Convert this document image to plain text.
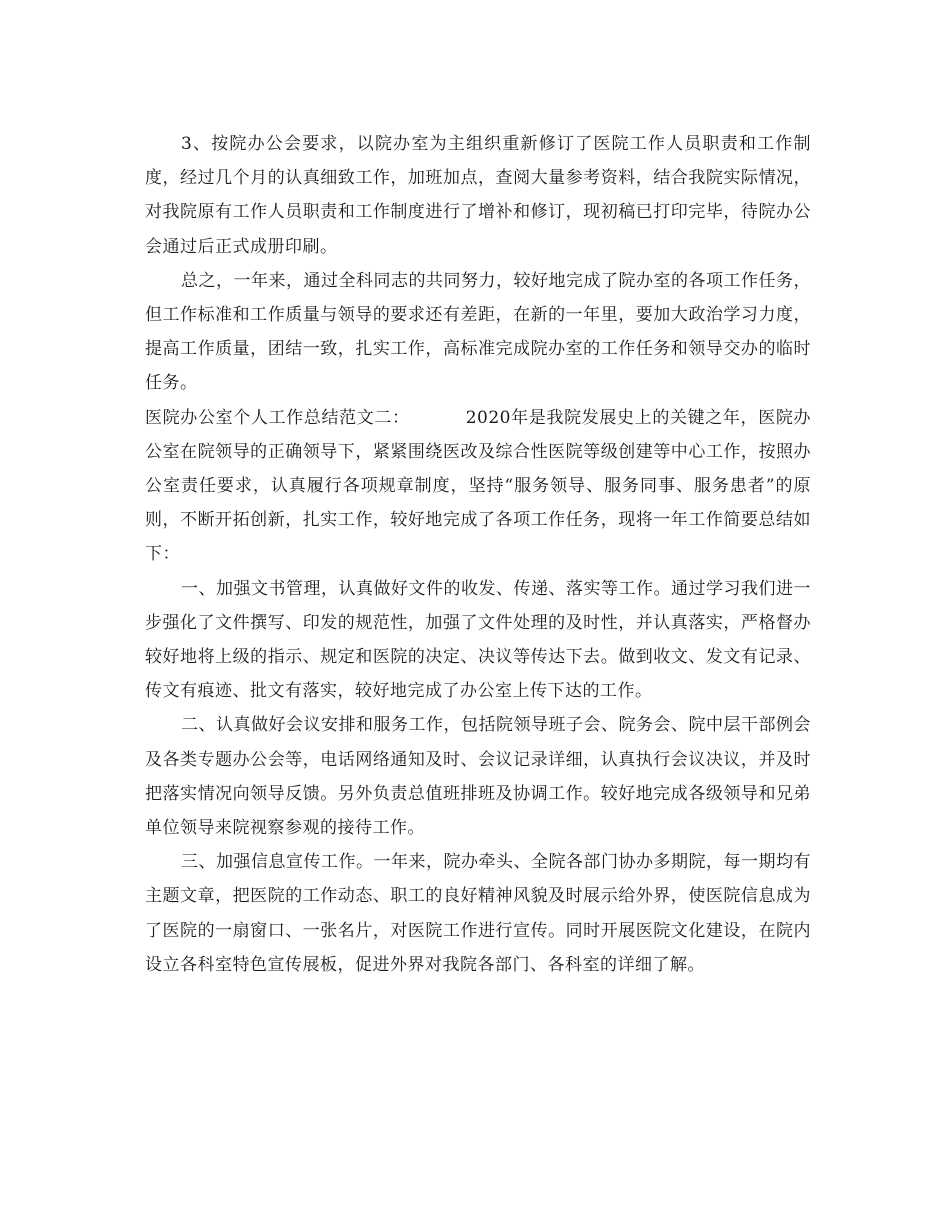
3、按院办公会要求，以院办室为主组织重新修订了医院工作人员职责和工作制度，经过几个月的认真细致工作，加班加点，查阅大量参考资料，结合我院实际情况，对我院原有工作人员职责和工作制度进行了增补和修订，现初稿已打印完毕，待院办公会通过后正式成册印刷。

总之，一年来，通过全科同志的共同努力，较好地完成了院办室的各项工作任务，但工作标准和工作质量与领导的要求还有差距，在新的一年里，要加大政治学习力度，提高工作质量，团结一致，扎实工作，高标准完成院办室的工作任务和领导交办的临时任务。

医院办公室个人工作总结范文二：	2020年是我院发展史上的关键之年，医院办公室在院领导的正确领导下，紧紧围绕医改及综合性医院等级创建等中心工作，按照办公室责任要求，认真履行各项规章制度，坚持“服务领导、服务同事、服务患者”的原则，不断开拓创新，扎实工作，较好地完成了各项工作任务，现将一年工作简要总结如下：

一、加强文书管理，认真做好文件的收发、传递、落实等工作。通过学习我们进一步强化了文件撰写、印发的规范性，加强了文件处理的及时性，并认真落实，严格督办较好地将上级的指示、规定和医院的决定、决议等传达下去。做到收文、发文有记录、传文有痕迹、批文有落实，较好地完成了办公室上传下达的工作。

二、认真做好会议安排和服务工作，包括院领导班子会、院务会、院中层干部例会及各类专题办公会等，电话网络通知及时、会议记录详细，认真执行会议决议，并及时把落实情况向领导反馈。另外负责总值班排班及协调工作。较好地完成各级领导和兄弟单位领导来院视察参观的接待工作。

三、加强信息宣传工作。一年来，院办牵头、全院各部门协办多期院，每一期均有主题文章，把医院的工作动态、职工的良好精神风貌及时展示给外界，使医院信息成为了医院的一扇窗口、一张名片，对医院工作进行宣传。同时开展医院文化建设，在院内设立各科室特色宣传展板，促进外界对我院各部门、各科室的详细了解。
